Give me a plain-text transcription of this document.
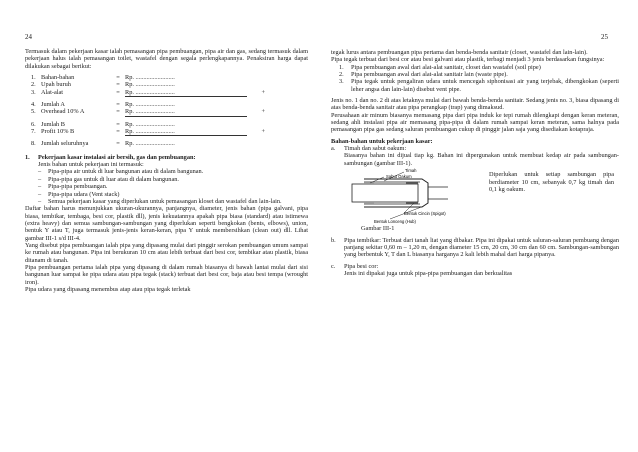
24

Termasuk dalam pekerjaan kasar ialah pemasangan pipa pembuangan, pipa air dan gas, sedang termasuk dalam pekerjaan halus ialah pemasangan toilet, wastafel dengan segala perlengkapannya. Penaksiran harga dapat dilakukan sebagai berikut:

1. Bahan-bahan	= Rp. .........................
2. Upah buruh	= Rp. .........................
3. Alat-alat	= Rp. .........................	+
4. Jumlah A	= Rp. .........................
5. Overhead 10% A	= Rp. .........................	+
6. Jumlah B	= Rp. .........................
7. Profit 10% B	= Rp. .........................	+
8. Jumlah seluruhnya	= Rp. .........................
1.	Pekerjaan kasar instalasi air bersih, gas dan pembuangan:
Jenis bahan untuk pekerjaan ini termasuk:
–	Pipa-pipa air untuk di luar bangunan atau di dalam bangunan.
–	Pipa-pipa gas untuk di luar atau di dalam bangunan.
–	Pipa-pipa pembuangan.
–	Pipa-pipa udara (Vent stack)
–	Semua pekerjaan kasar yang diperlukan untuk pemasangan kloset dan wastafel dan lain-lain.

Daftar bahan harus menunjukkan ukuran-ukurannya, panjangnya, diameter, jenis bahan (pipa galvani, pipa biasa, tembikar, tembaga, besi cor, plastik dll), jenis kekuatannya apakah pipa biasa (standard) atau istimewa (extra heavy) dan semua sambungan-sambungan yang diperlukan seperti bengkokan (bents, elbows), union, bentuk Y atau T, juga termasuk jenis-jenis keran-keran, pipa Y untuk membersihkan (clean out) dll. Lihat gambar III-1 s/d III-4.

Yang disebut pipa pembuangan ialah pipa yang dipasang mulai dari pinggir serokan pembuangan umum sampai ke rumah atau bangunan. Pipa ini berukuran 10 cm atau lebih terbuat dari besi cor, tembikar atau plastik, biasa ditanam di tanah.

Pipa pembuangan pertama ialah pipa yang dipasang di dalam rumah biasanya di bawah lantai mulai dari sisi bangunan luar sampai ke pipa udara atau pipa tegak (stack) terbuat dari besi cor, baja atau besi tempa (wrought iron).

Pipa udara yang dipasang menembus atap atau pipa tegak terletak

25

tegak lurus antara pembuangan pipa pertama dan benda-benda sanitair (closet, wastafel dan lain-lain).

Pipa tegak terbuat dari besi cor atau besi galvani atau plastik, terbagi menjadi 3 jenis berdasarkan fungsinya:

1.	Pipa pembuangan awal dari alat-alat sanitair, closet dan wastafel (soil pipe)
2.	Pipa pembuangan awal dari alat-alat sanitair lain (waste pipe).
3.	Pipa tegak untuk pengaliran udara untuk mencegah siphonisasi air yang terjebak, dibengkokan (seperti leher angsa dan lain-lain) disebut vent pipe.

Jenis no. 1 dan no. 2 di atas letaknya mulai dari bawah benda-benda sanitair. Sedang jenis no. 3, biasa dipasang di atas benda-benda sanitair atau pipa perangkap (trap) yang dimaksud.

Perusahaan air minum biasanya memasang pipa dari pipa induk ke tepi rumah dilengkapi dengan keran meteran, sedang ahli instalasi pipa air memasang pipa-pipa di dalam rumah sampai keran meteran, sama halnya pada pemasangan pipa gas sedang saluran pembuangan cukup di pinggir jalan saja yang disediakan kotapraja.

Bahan-bahan untuk pekerjaan kasar:
a.	Timah dan sabut oakum:

Biasanya bahan ini dijual tiap kg. Bahan ini dipergunakan untuk membuat kedap air pada sambungan-sambungan (gambar III-1).

Timah
Sabut Oakum
Bentuk Cincin (Spigot)
Bentuk Lonceng (Hub)
Diperlukan untuk setiap sambungan pipa berdiameter 10 cm, sebanyak 0,7 kg timah dan 0,1 kg oakum.
Gambar III-1
b.	Pipa tembikar: Terbuat dari tanah liat yang dibakar. Pipa ini dipakai untuk saluran-saluran pembuang dengan panjang sekitar 0,60 m – 1,20 m, dengan diameter 15 cm, 20 cm, 30 cm dan 60 cm. Sambungan-sambungan yang berbentuk Y, T dan L biasanya harganya 2 kali lebih mahal dari harga pipanya.
c.	Pipa besi cor:

Jenis ini dipakai juga untuk pipa-pipa pembuangan dan berkualitas
